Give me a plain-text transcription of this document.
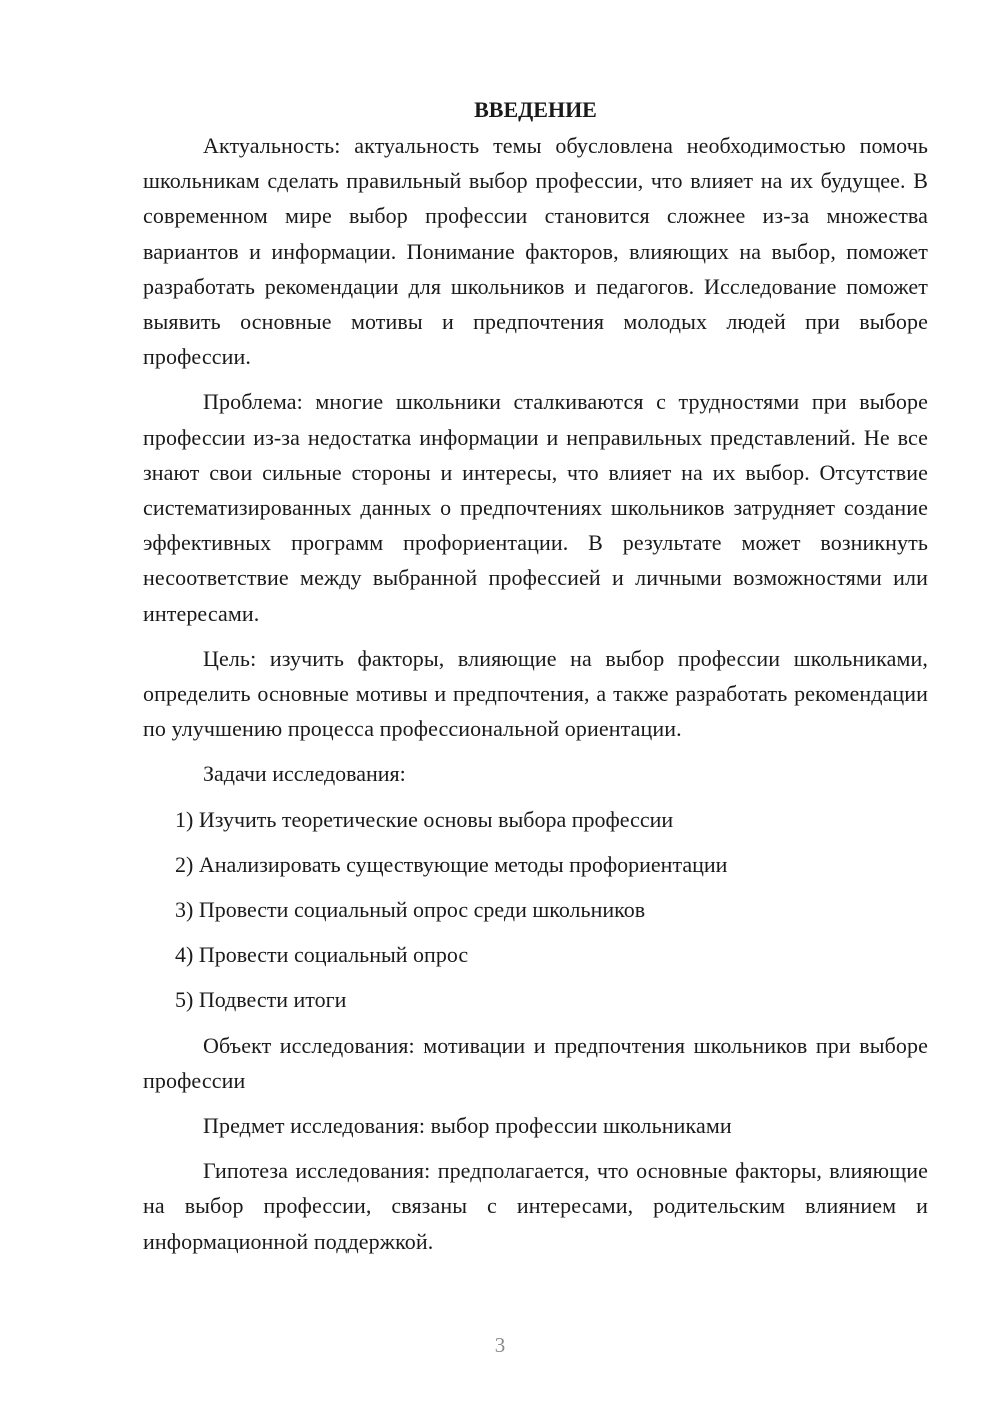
ВВЕДЕНИЕ

Актуальность: актуальность темы обусловлена необходимостью помочь школьникам сделать правильный выбор профессии, что влияет на их будущее. В современном мире выбор профессии становится сложнее из-за множества вариантов и информации. Понимание факторов, влияющих на выбор, поможет разработать рекомендации для школьников и педагогов. Исследование поможет выявить основные мотивы и предпочтения молодых людей при выборе профессии.

Проблема: многие школьники сталкиваются с трудностями при выборе профессии из-за недостатка информации и неправильных представлений. Не все знают свои сильные стороны и интересы, что влияет на их выбор. Отсутствие систематизированных данных о предпочтениях школьников затрудняет создание эффективных программ профориентации. В результате может возникнуть несоответствие между выбранной профессией и личными возможностями или интересами.

Цель: изучить факторы, влияющие на выбор профессии школьниками, определить основные мотивы и предпочтения, а также разработать рекомендации по улучшению процесса профессиональной ориентации.

Задачи исследования:

1) Изучить теоретические основы выбора профессии

2) Анализировать существующие методы профориентации

3) Провести социальный опрос среди школьников

4) Провести социальный опрос

5) Подвести итоги

Объект исследования: мотивации и предпочтения школьников при выборе профессии

Предмет исследования: выбор профессии школьниками

Гипотеза исследования: предполагается, что основные факторы, влияющие на выбор профессии, связаны с интересами, родительским влиянием и информационной поддержкой.

3
